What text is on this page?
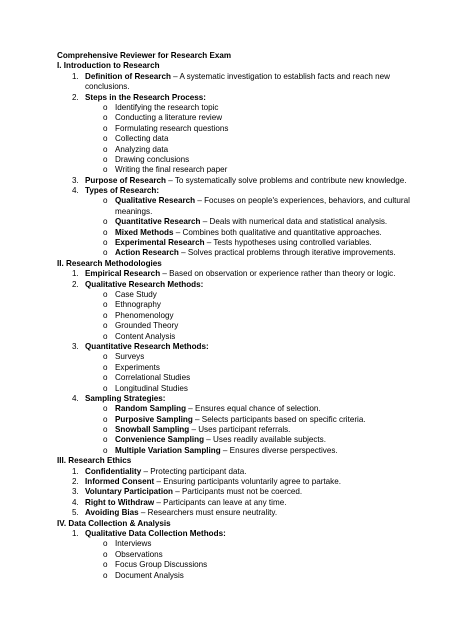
Comprehensive Reviewer for Research Exam
I. Introduction to Research
1. Definition of Research – A systematic investigation to establish facts and reach new
conclusions.
2. Steps in the Research Process:
o Identifying the research topic
o Conducting a literature review
o Formulating research questions
o Collecting data
o Analyzing data
o Drawing conclusions
o Writing the final research paper
3. Purpose of Research – To systematically solve problems and contribute new knowledge.
4. Types of Research:
o Qualitative Research – Focuses on people's experiences, behaviors, and cultural
meanings.
o Quantitative Research – Deals with numerical data and statistical analysis.
o Mixed Methods – Combines both qualitative and quantitative approaches.
o Experimental Research – Tests hypotheses using controlled variables.
o Action Research – Solves practical problems through iterative improvements.
II. Research Methodologies
1. Empirical Research – Based on observation or experience rather than theory or logic.
2. Qualitative Research Methods:
o Case Study
o Ethnography
o Phenomenology
o Grounded Theory
o Content Analysis
3. Quantitative Research Methods:
o Surveys
o Experiments
o Correlational Studies
o Longitudinal Studies
4. Sampling Strategies:
o Random Sampling – Ensures equal chance of selection.
o Purposive Sampling – Selects participants based on specific criteria.
o Snowball Sampling – Uses participant referrals.
o Convenience Sampling – Uses readily available subjects.
o Multiple Variation Sampling – Ensures diverse perspectives.
III. Research Ethics
1. Confidentiality – Protecting participant data.
2. Informed Consent – Ensuring participants voluntarily agree to partake.
3. Voluntary Participation – Participants must not be coerced.
4. Right to Withdraw – Participants can leave at any time.
5. Avoiding Bias – Researchers must ensure neutrality.
IV. Data Collection & Analysis
1. Qualitative Data Collection Methods:
o Interviews
o Observations
o Focus Group Discussions
o Document Analysis
